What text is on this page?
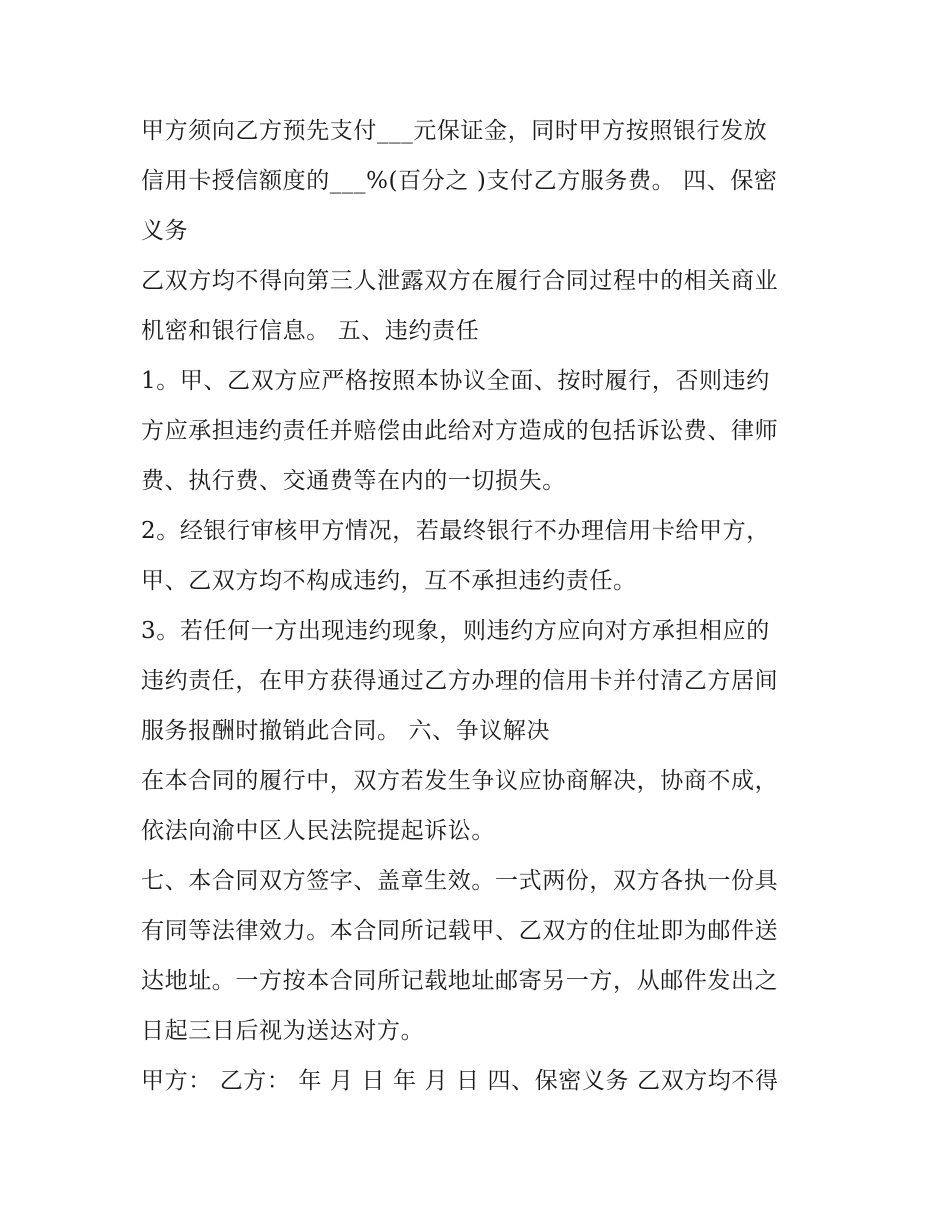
甲方须向乙方预先支付___元保证金，同时甲方按照银行发放
信用卡授信额度的___%(百分之 )支付乙方服务费。 四、保密
义务
乙双方均不得向第三人泄露双方在履行合同过程中的相关商业
机密和银行信息。 五、违约责任
1。甲、乙双方应严格按照本协议全面、按时履行，否则违约
方应承担违约责任并赔偿由此给对方造成的包括诉讼费、律师
费、执行费、交通费等在内的一切损失。
2。经银行审核甲方情况，若最终银行不办理信用卡给甲方，
甲、乙双方均不构成违约，互不承担违约责任。
3。若任何一方出现违约现象，则违约方应向对方承担相应的
违约责任，在甲方获得通过乙方办理的信用卡并付清乙方居间
服务报酬时撤销此合同。 六、争议解决
在本合同的履行中，双方若发生争议应协商解决，协商不成，
依法向渝中区人民法院提起诉讼。
七、本合同双方签字、盖章生效。一式两份，双方各执一份具
有同等法律效力。本合同所记载甲、乙双方的住址即为邮件送
达地址。一方按本合同所记载地址邮寄另一方，从邮件发出之
日起三日后视为送达对方。
甲方： 乙方： 年 月 日 年 月 日 四、保密义务 乙双方均不得
